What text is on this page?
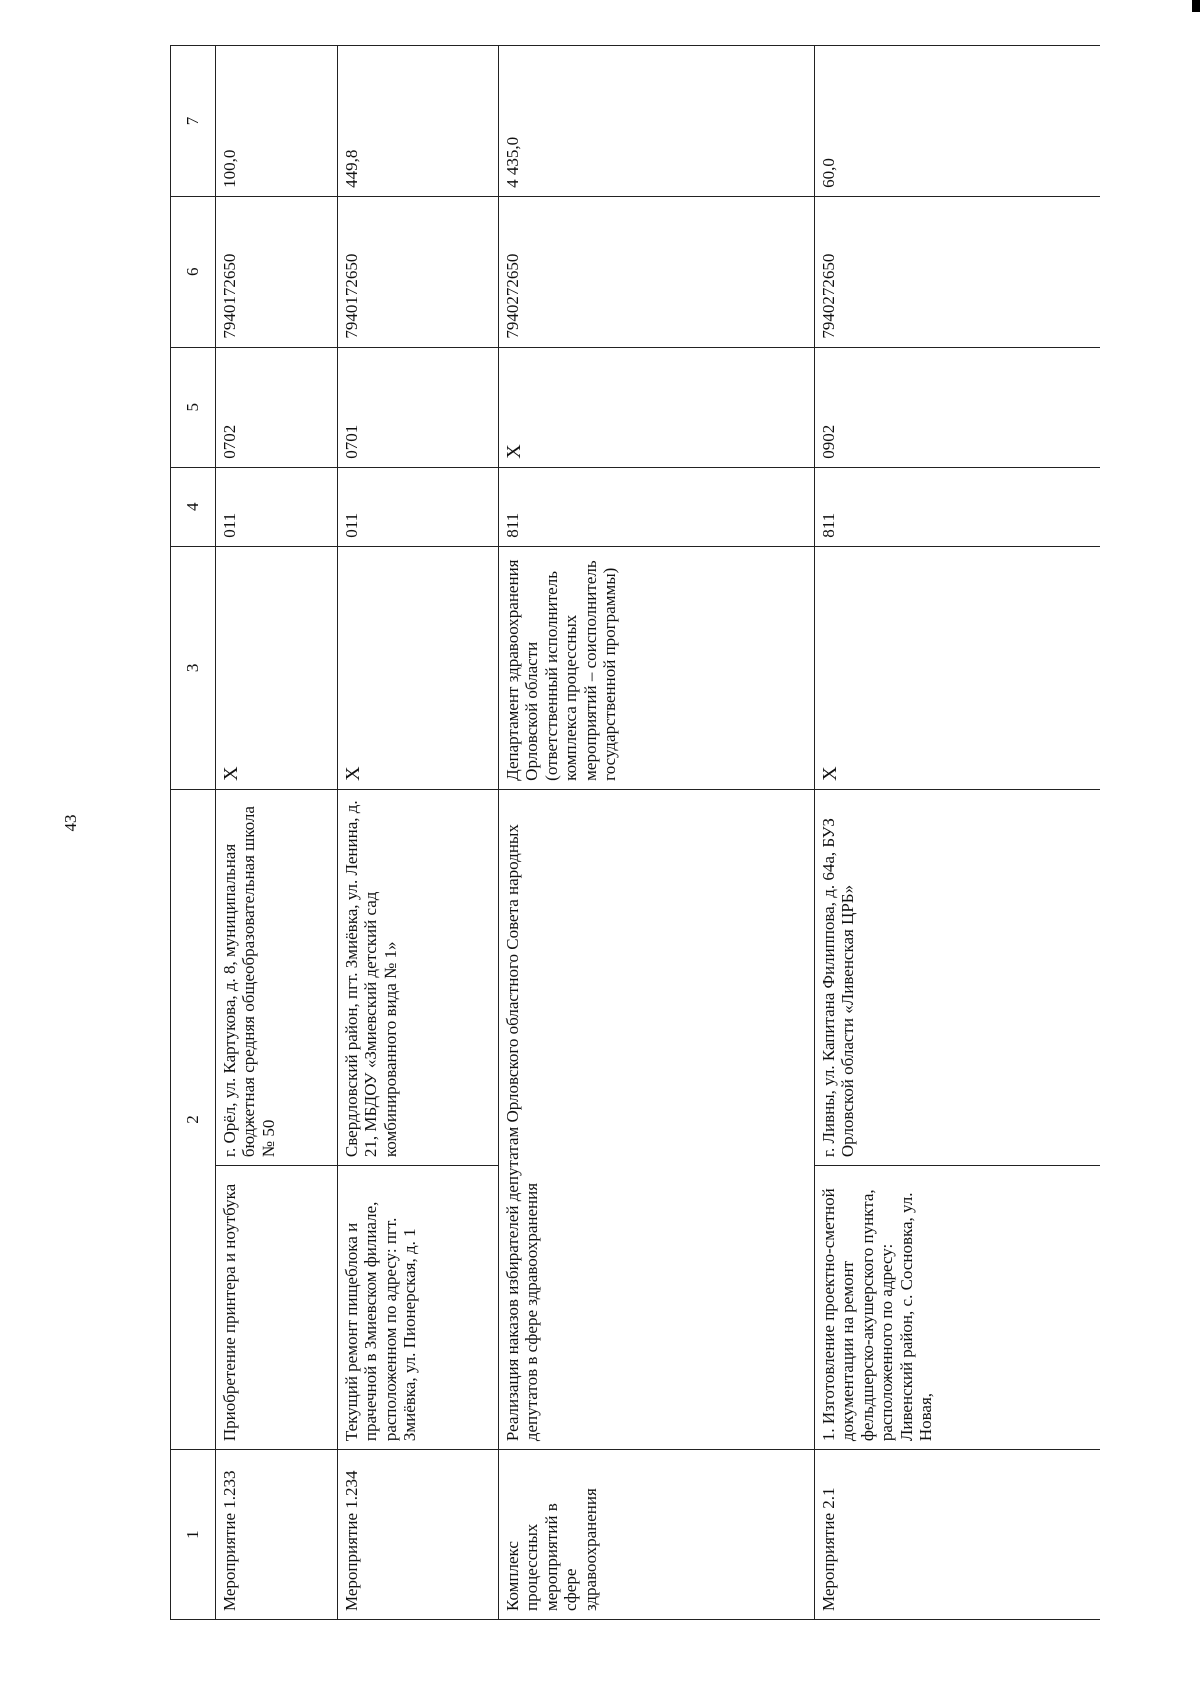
43
1	2		3	4	5	6	7
Мероприятие 1.233	Приобретение принтера и ноутбука	г. Орёл, ул. Картукова, д. 8, муниципальная бюджетная средняя общеобразовательная школа № 50	X	011	0702	7940172650	100,0
Мероприятие 1.234	Текущий ремонт пищеблока и прачечной в Змиевском филиале, расположенном по адресу: пгт. Змиёвка, ул. Пионерская, д. 1	Свердловский район, пгт. Змиёвка, ул. Ленина, д. 21, МБДОУ «Змиевский детский сад комбинированного вида № 1»	X	011	0701	7940172650	449,8
Комплекс процессных мероприятий в сфере здравоохранения	Реализация наказов избирателей депутатам Орловского областного Совета народных депутатов в сфере здравоохранения		Департамент здравоохранения Орловской области (ответственный исполнитель комплекса процессных мероприятий – соисполнитель государственной программы)	811	X	7940272650	4 435,0
Мероприятие 2.1	1. Изготовление проектно-сметной документации на ремонт фельдшерско-акушерского пункта, расположенного по адресу: Ливенский район, с. Сосновка, ул. Новая,	г. Ливны, ул. Капитана Филиппова, д. 64а, БУЗ Орловской области «Ливенская ЦРБ»	X	811	0902	7940272650	60,0
